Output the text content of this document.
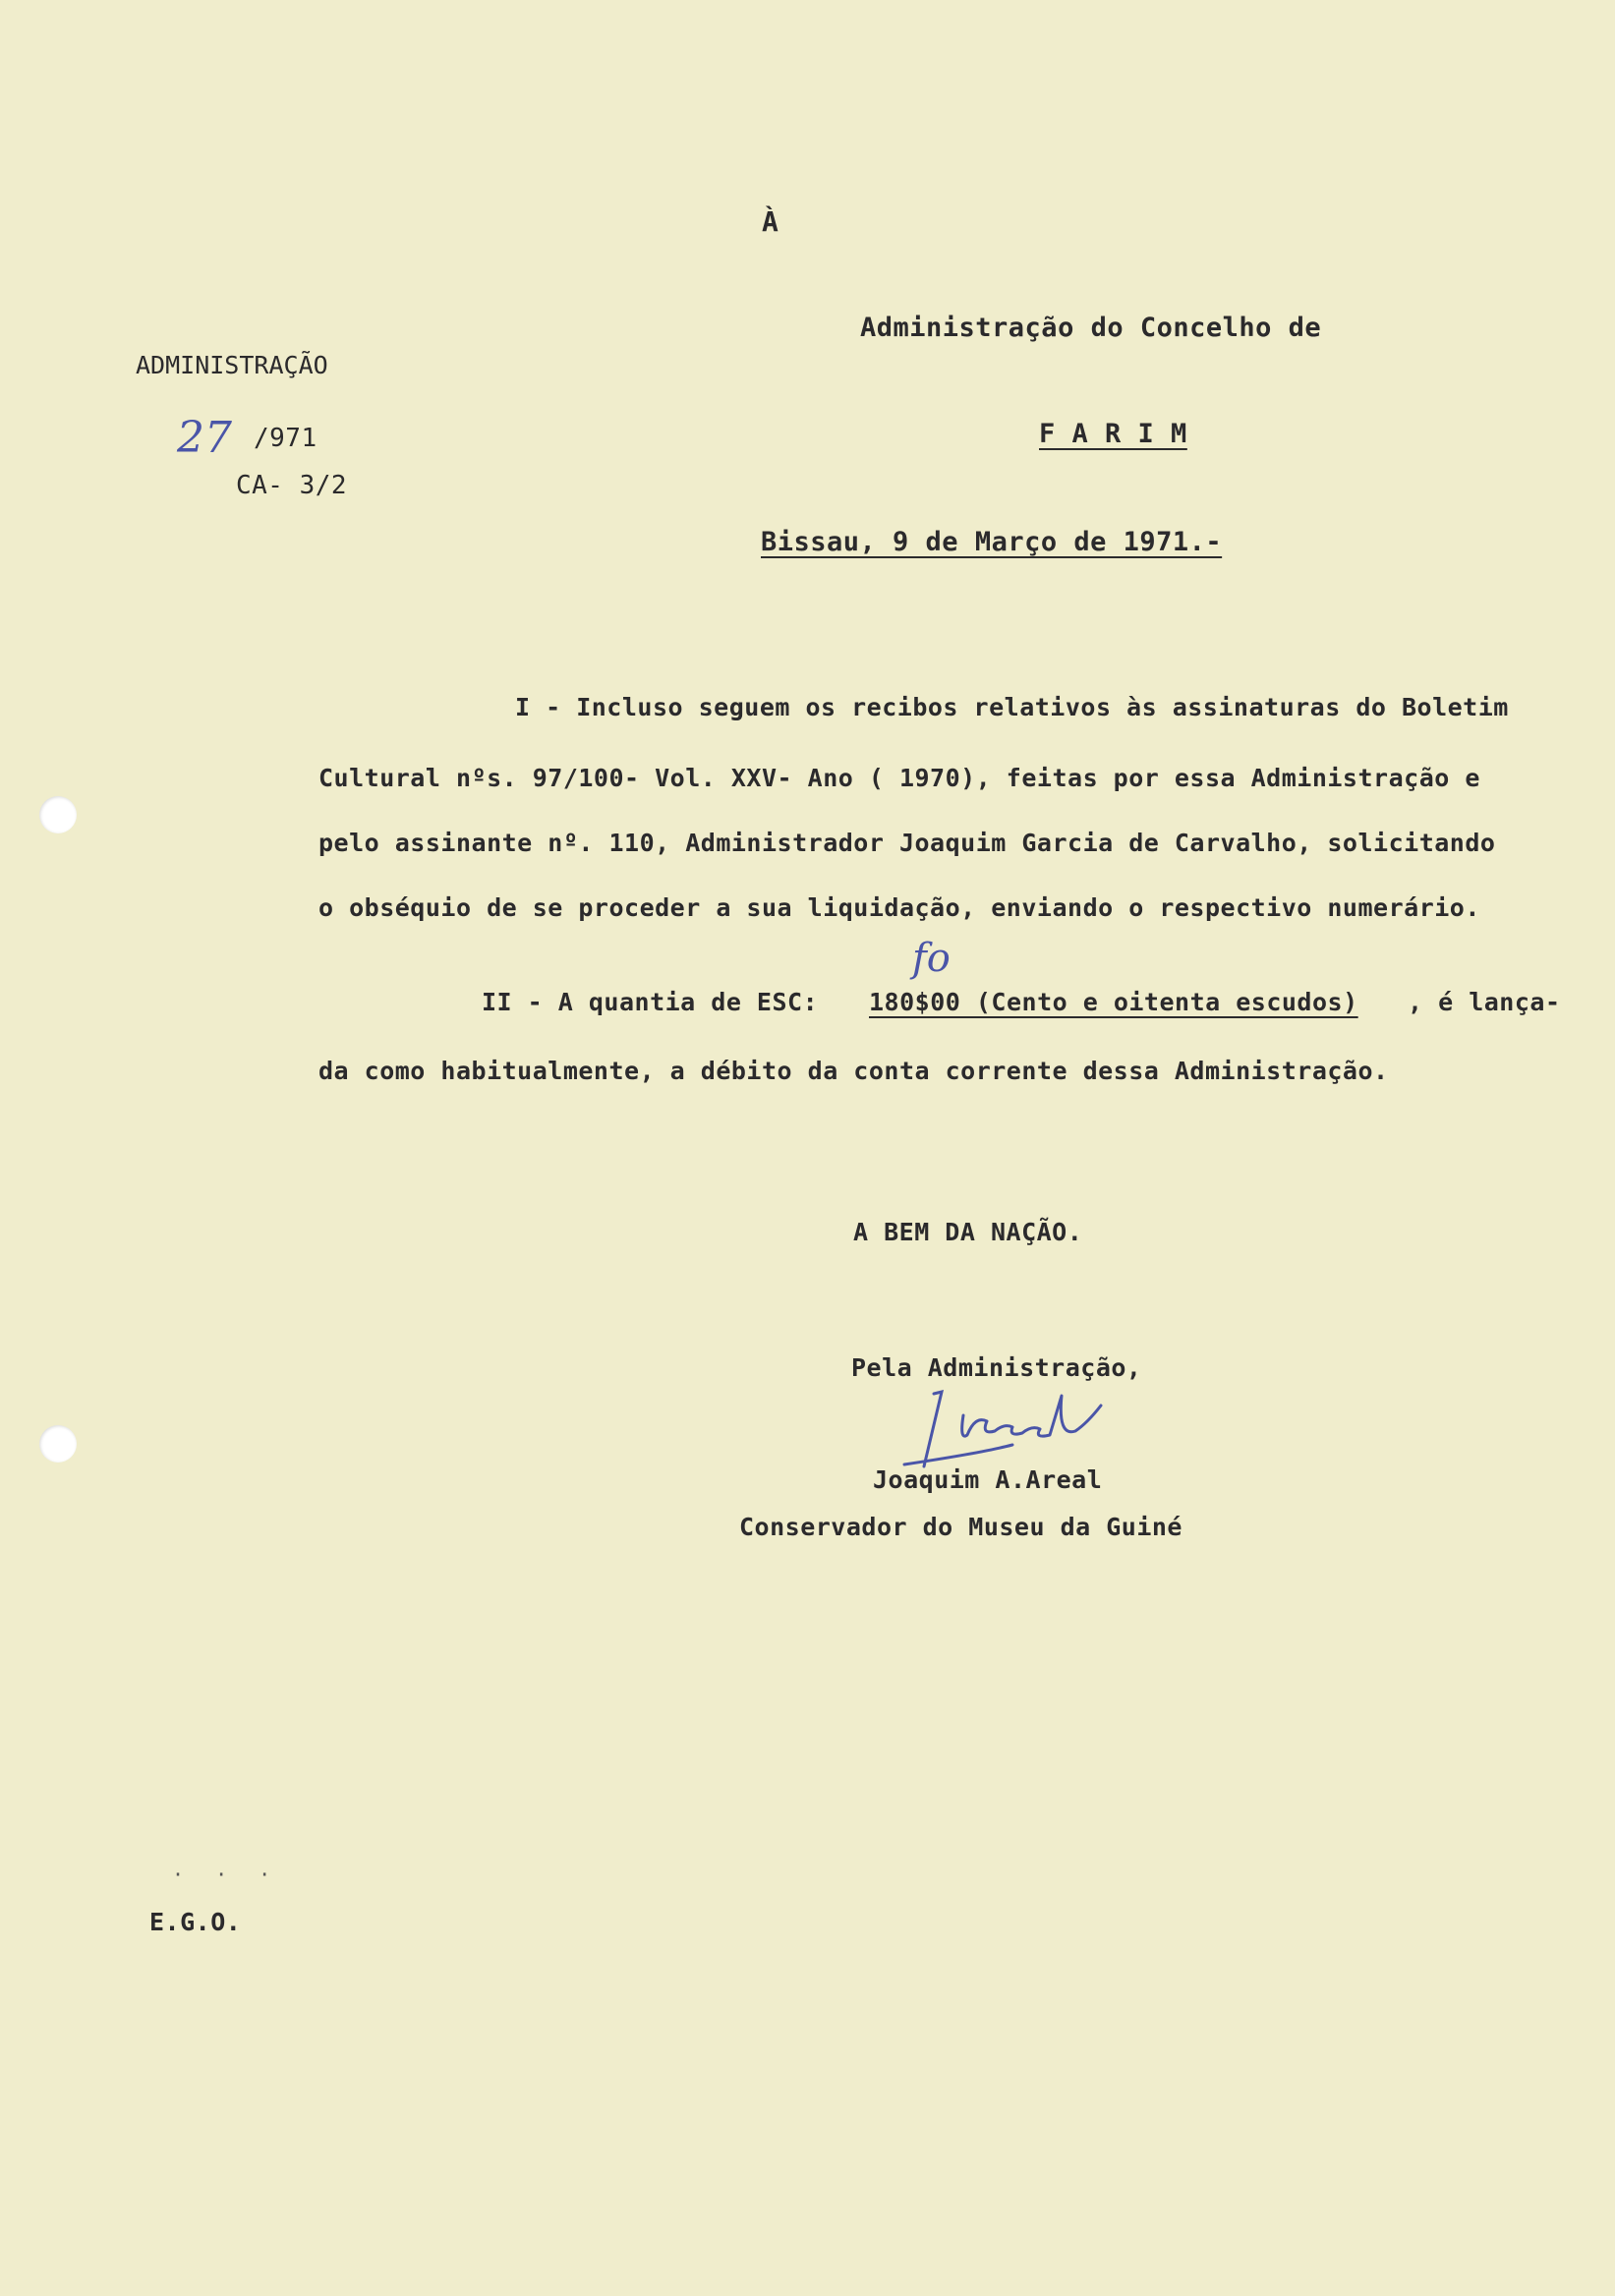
À
ADMINISTRAÇÃO
27 /971
CA- 3/2
Administração do Concelho de
F A R I M
Bissau, 9 de Março de 1971.-
I - Incluso seguem os recibos relativos às assinaturas do Boletim
Cultural nºs. 97/100- Vol. XXV- Ano ( 1970), feitas por essa Administração e
pelo assinante nº. 110, Administrador Joaquim Garcia de Carvalho, solicitando
o obséquio de se proceder a sua liquidação, enviando o respectivo numerário.
fo
II - A quantia de ESC: 180$00 (Cento e oitenta escudos) , é lança-
da como habitualmente, a débito da conta corrente dessa Administração.
A BEM DA NAÇÃO.
Pela Administração,
Joaquim A.Areal
Conservador do Museu da Guiné
· · ·
E.G.O.
